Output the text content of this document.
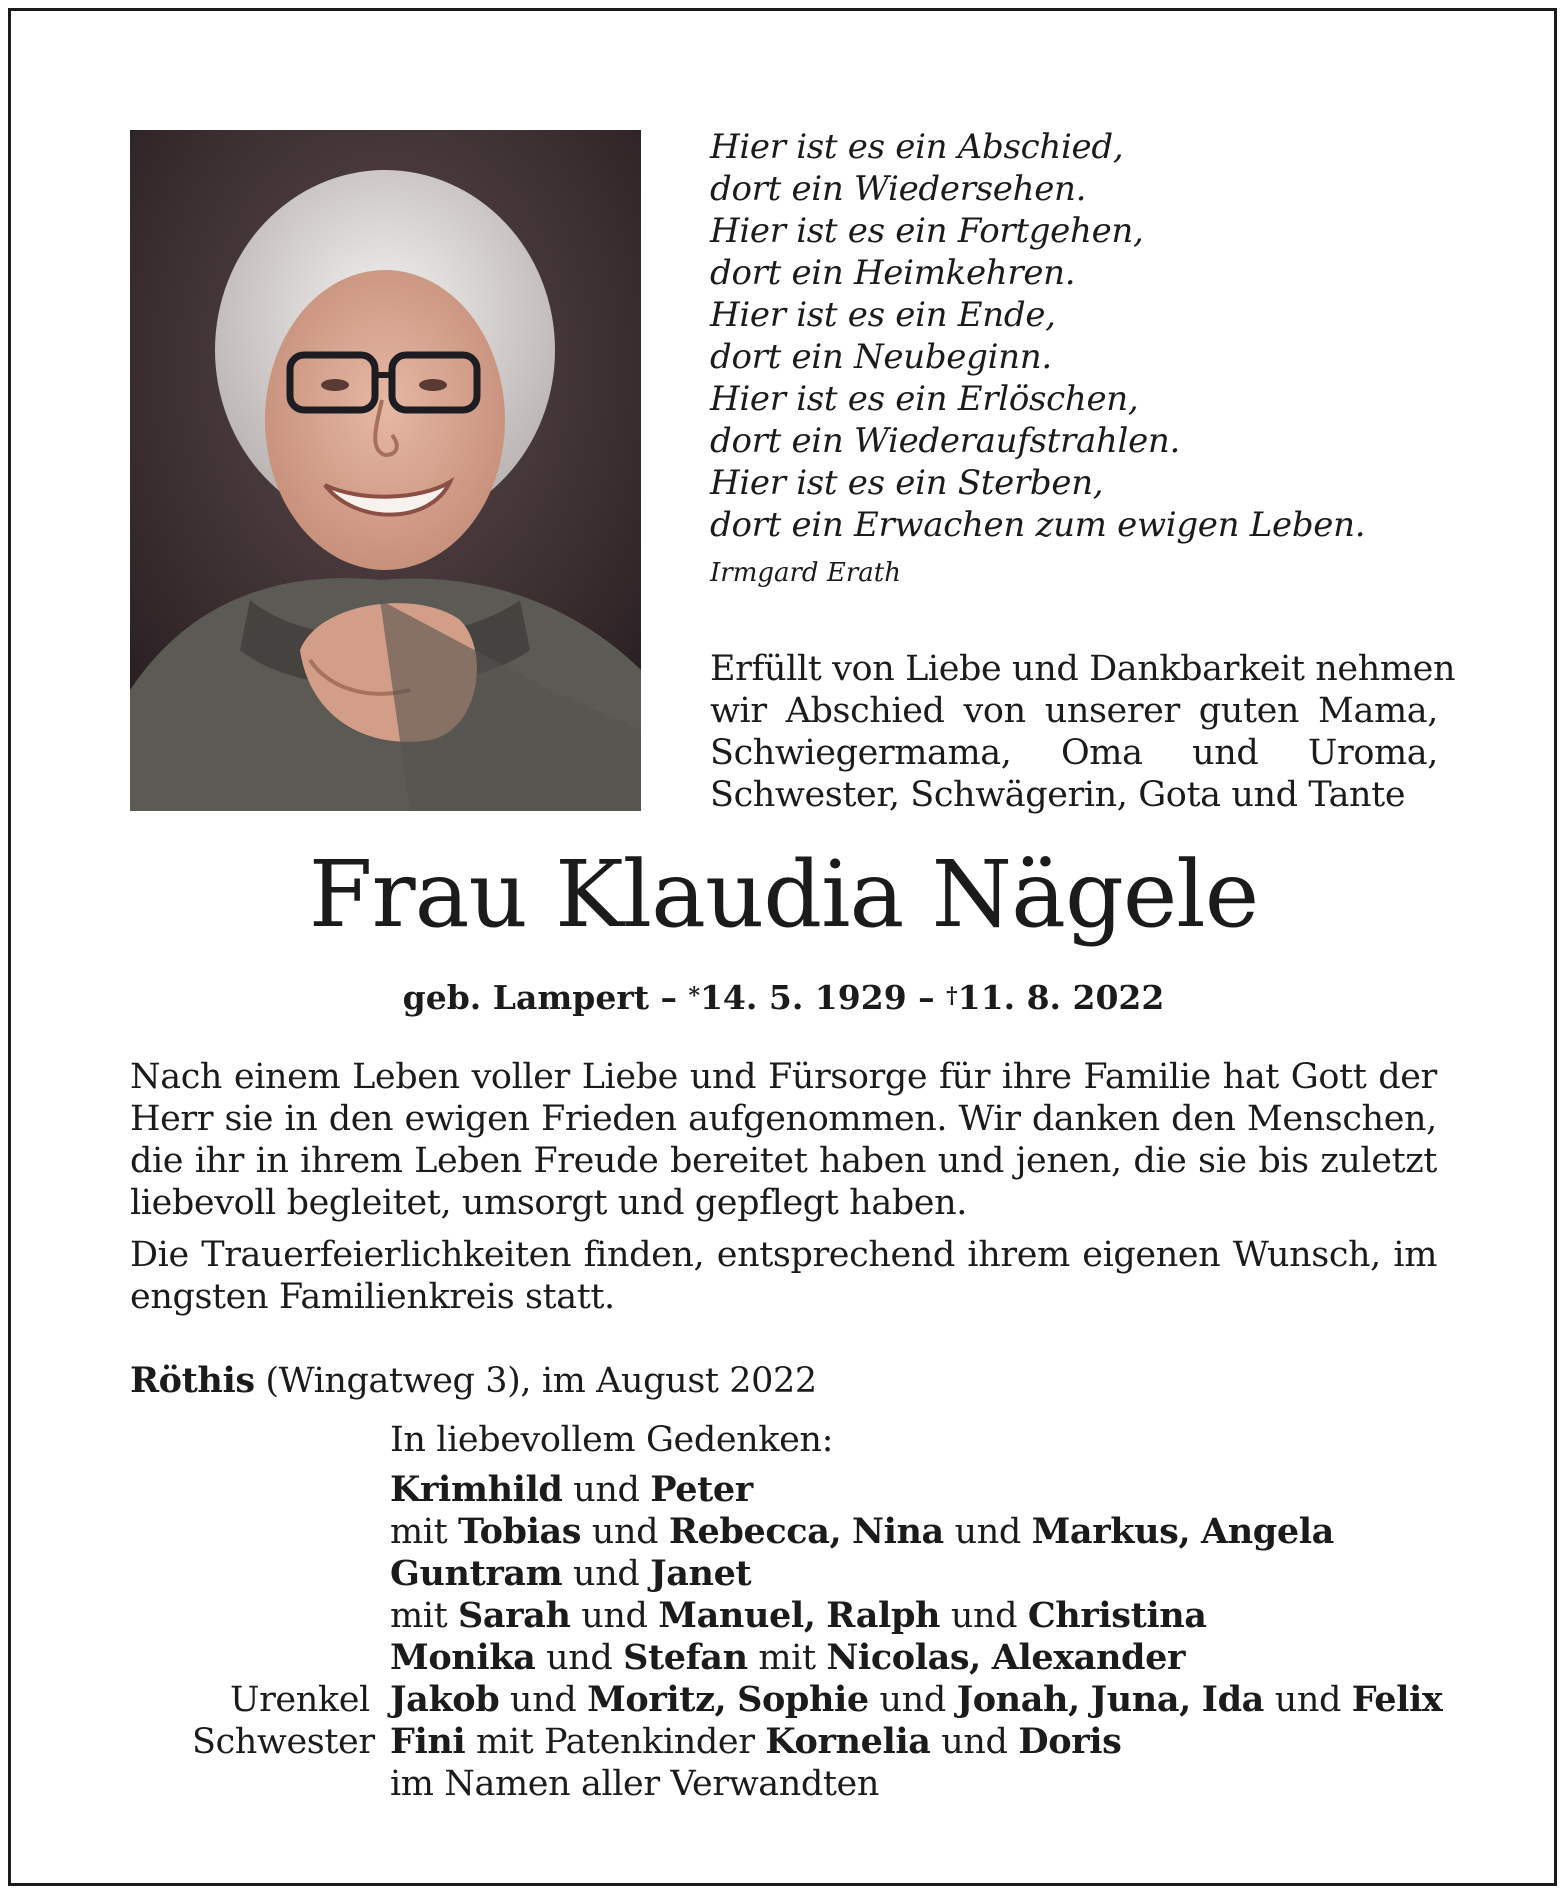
Hier ist es ein Abschied,
dort ein Wiedersehen.
Hier ist es ein Fortgehen,
dort ein Heimkehren.
Hier ist es ein Ende,
dort ein Neubeginn.
Hier ist es ein Erlöschen,
dort ein Wiederaufstrahlen.
Hier ist es ein Sterben,
dort ein Erwachen zum ewigen Leben.
Irmgard Erath
Erfüllt von Liebe und Dankbarkeit nehmen
wir Abschied von unserer guten Mama,
Schwiegermama, Oma und Uroma,
Schwester, Schwägerin, Gota und Tante
Frau Klaudia Nägele
geb. Lampert – *14. 5. 1929 – †11. 8. 2022
Nach einem Leben voller Liebe und Fürsorge für ihre Familie hat Gott der
Herr sie in den ewigen Frieden aufgenommen. Wir danken den Menschen,
die ihr in ihrem Leben Freude bereitet haben und jenen, die sie bis zuletzt
liebevoll begleitet, umsorgt und gepflegt haben.
Die Trauerfeierlichkeiten finden, entsprechend ihrem eigenen Wunsch, im
engsten Familienkreis statt.
Röthis (Wingatweg 3), im August 2022
In liebevollem Gedenken:
Krimhild und Peter
mit Tobias und Rebecca, Nina und Markus, Angela
Guntram und Janet
mit Sarah und Manuel, Ralph und Christina
Monika und Stefan mit Nicolas, Alexander
Urenkel Jakob und Moritz, Sophie und Jonah, Juna, Ida und Felix
Schwester Fini mit Patenkinder Kornelia und Doris
im Namen aller Verwandten
